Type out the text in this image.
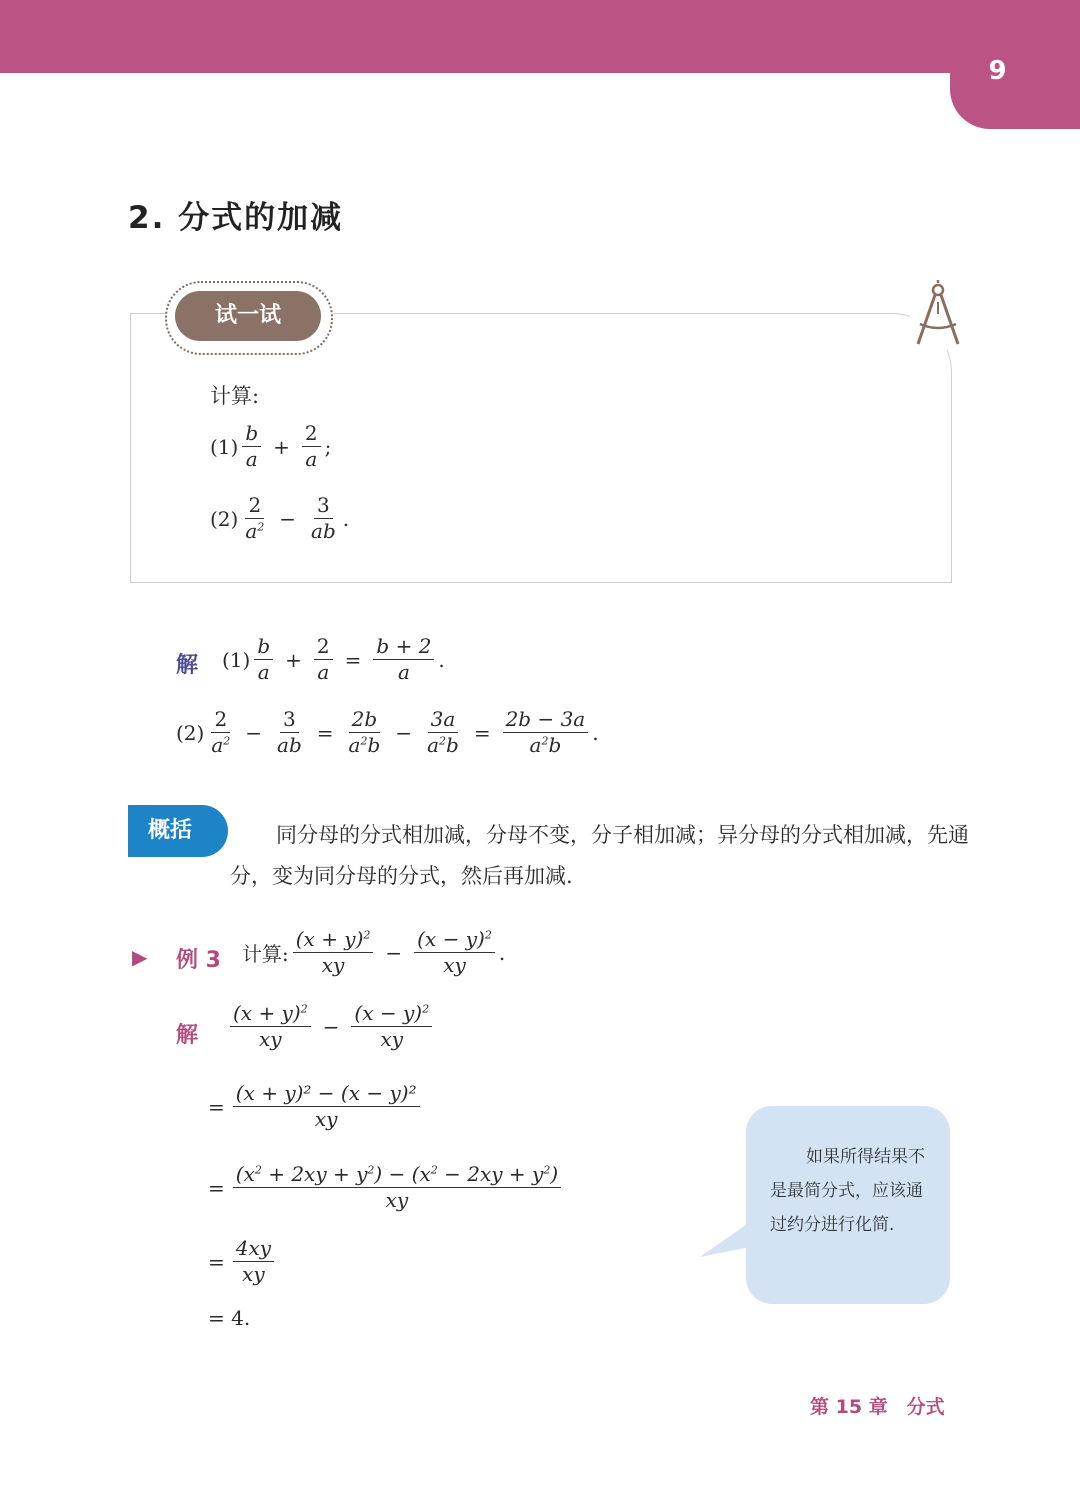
9
2. 分式的加减
试一试
计算:
$(1) \frac{b}{a} + \frac{2}{a}$ ;
$(2) \frac{2}{a^2} - \frac{3}{ab}$ .
解 $(1) \frac{b}{a} + \frac{2}{a} = \frac{b + 2}{a}$ .
$(2) \frac{2}{a^2} - \frac{3}{ab} = \frac{2b}{a^2b} - \frac{3a}{a^2b} = \frac{2b - 3a}{a^2b}$ .
概括	同分母的分式相加减，分母不变，分子相加减；异分母的分式相加减，先通分，变为同分母的分式，然后再加减.
▶ 例 3 计算: $\frac{(x + y)^2}{xy} - \frac{(x - y)^2}{xy}$ .
解 $\frac{(x + y)^2}{xy} - \frac{(x - y)^2}{xy}$
= $\frac{\text{(x + y)² − (x − y)²}}{xy}$
= $\frac{(x^2 + 2xy + y^2) - (x^2 - 2xy + y^2)}{xy}$
= $\frac{4xy}{xy}$
= 4.
如果所得结果不是最简分式，应该通过约分进行化简.
第 15 章　分式
